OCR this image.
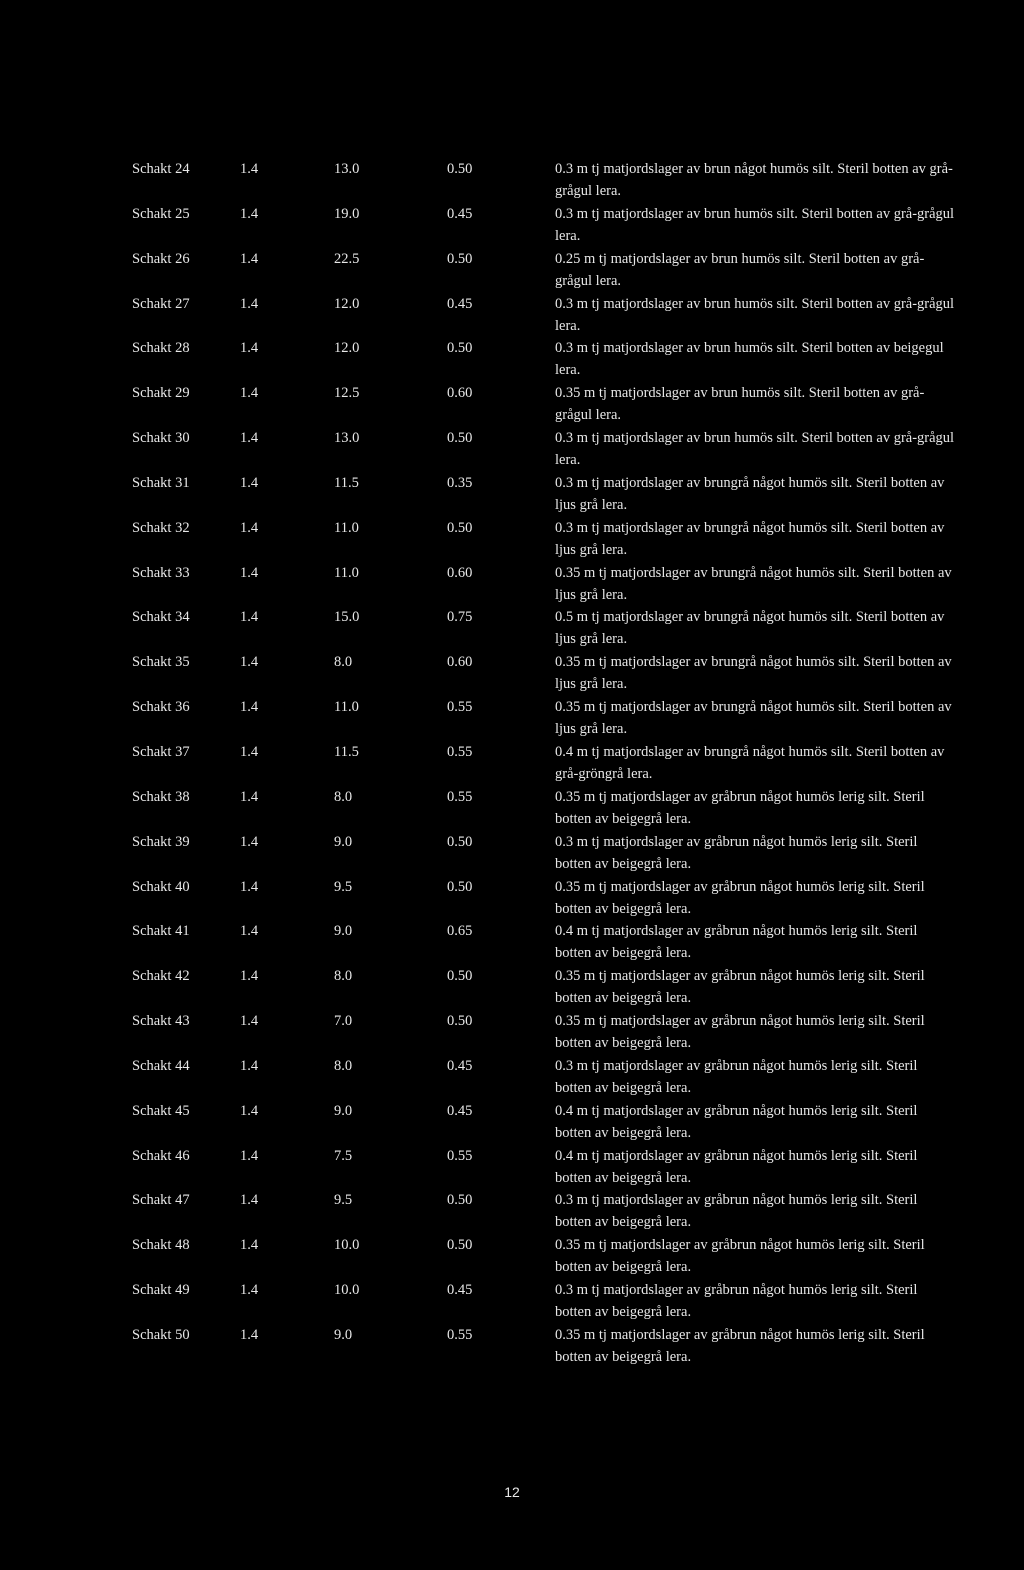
Schakt 24	1.4	13.0	0.50	0.3 m tj matjordslager av brun något humös silt. Steril botten av grå-grågul lera.
Schakt 25	1.4	19.0	0.45	0.3 m tj matjordslager av brun humös silt. Steril botten av grå-grågul lera.
Schakt 26	1.4	22.5	0.50	0.25 m tj matjordslager av brun humös silt. Steril botten av grå-grågul lera.
Schakt 27	1.4	12.0	0.45	0.3 m tj matjordslager av brun humös silt. Steril botten av grå-grågul lera.
Schakt 28	1.4	12.0	0.50	0.3 m tj matjordslager av brun humös silt. Steril botten av beigegul lera.
Schakt 29	1.4	12.5	0.60	0.35 m tj matjordslager av brun humös silt. Steril botten av grå-grågul lera.
Schakt 30	1.4	13.0	0.50	0.3 m tj matjordslager av brun humös silt. Steril botten av grå-grågul lera.
Schakt 31	1.4	11.5	0.35	0.3 m tj matjordslager av brungrå något humös silt. Steril botten av ljus grå lera.
Schakt 32	1.4	11.0	0.50	0.3 m tj matjordslager av brungrå något humös silt. Steril botten av ljus grå lera.
Schakt 33	1.4	11.0	0.60	0.35 m tj matjordslager av brungrå något humös silt. Steril botten av ljus grå lera.
Schakt 34	1.4	15.0	0.75	0.5 m tj matjordslager av brungrå något humös silt. Steril botten av ljus grå lera.
Schakt 35	1.4	8.0	0.60	0.35 m tj matjordslager av brungrå något humös silt. Steril botten av ljus grå lera.
Schakt 36	1.4	11.0	0.55	0.35 m tj matjordslager av brungrå något humös silt. Steril botten av ljus grå lera.
Schakt 37	1.4	11.5	0.55	0.4 m tj matjordslager av brungrå något humös silt. Steril botten av grå-gröngrå lera.
Schakt 38	1.4	8.0	0.55	0.35 m tj matjordslager av gråbrun något humös lerig silt. Steril botten av beigegrå lera.
Schakt 39	1.4	9.0	0.50	0.3 m tj matjordslager av gråbrun något humös lerig silt. Steril botten av beigegrå lera.
Schakt 40	1.4	9.5	0.50	0.35 m tj matjordslager av gråbrun något humös lerig silt. Steril botten av beigegrå lera.
Schakt 41	1.4	9.0	0.65	0.4 m tj matjordslager av gråbrun något humös lerig silt. Steril botten av beigegrå lera.
Schakt 42	1.4	8.0	0.50	0.35 m tj matjordslager av gråbrun något humös lerig silt. Steril botten av beigegrå lera.
Schakt 43	1.4	7.0	0.50	0.35 m tj matjordslager av gråbrun något humös lerig silt. Steril botten av beigegrå lera.
Schakt 44	1.4	8.0	0.45	0.3 m tj matjordslager av gråbrun något humös lerig silt. Steril botten av beigegrå lera.
Schakt 45	1.4	9.0	0.45	0.4 m tj matjordslager av gråbrun något humös lerig silt. Steril botten av beigegrå lera.
Schakt 46	1.4	7.5	0.55	0.4 m tj matjordslager av gråbrun något humös lerig silt. Steril botten av beigegrå lera.
Schakt 47	1.4	9.5	0.50	0.3 m tj matjordslager av gråbrun något humös lerig silt. Steril botten av beigegrå lera.
Schakt 48	1.4	10.0	0.50	0.35 m tj matjordslager av gråbrun något humös lerig silt. Steril botten av beigegrå lera.
Schakt 49	1.4	10.0	0.45	0.3 m tj matjordslager av gråbrun något humös lerig silt. Steril botten av beigegrå lera.
Schakt 50	1.4	9.0	0.55	0.35 m tj matjordslager av gråbrun något humös lerig silt. Steril botten av beigegrå lera.
12
